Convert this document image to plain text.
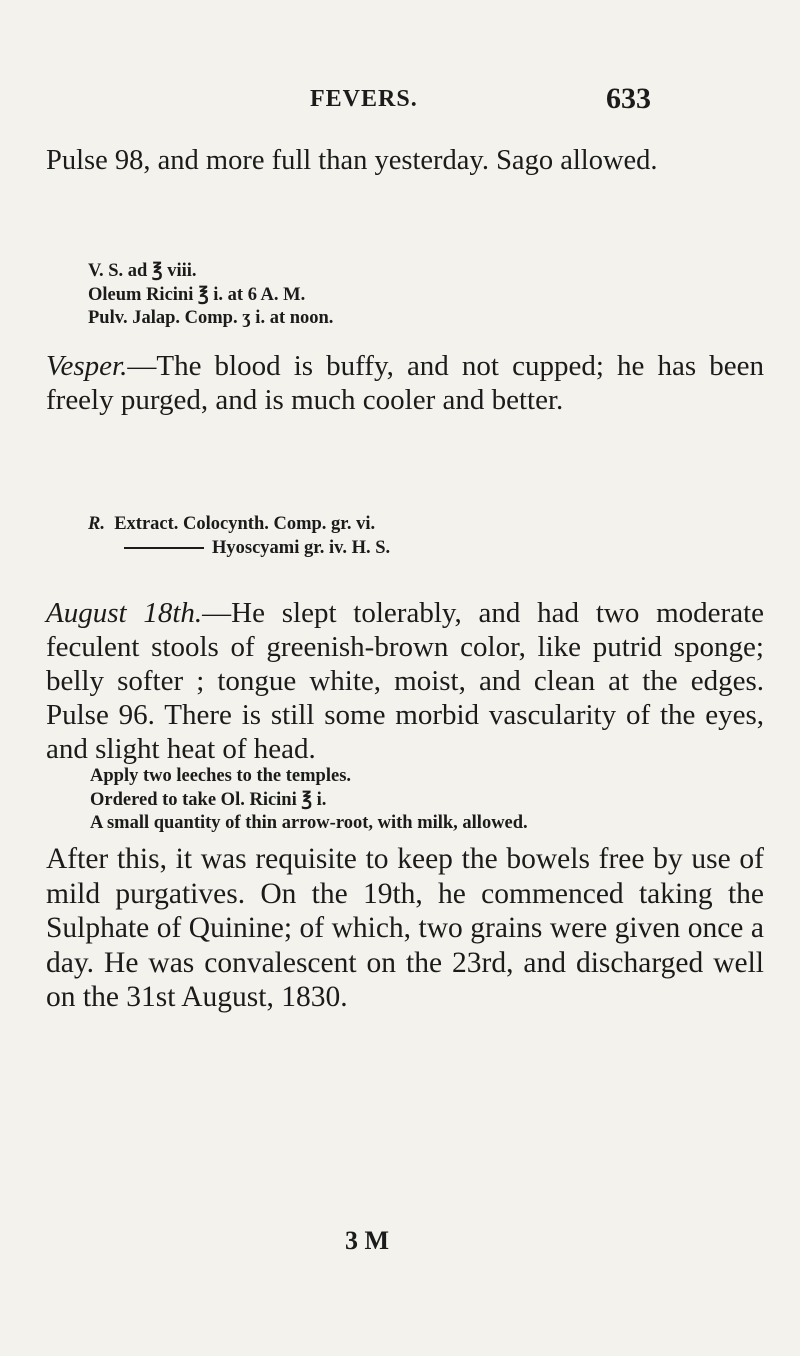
FEVERS.	633

Pulse 98, and more full than yesterday. Sago allowed.

V. S. ad ℥ viii.
Oleum Ricini ℥ i. at 6 A. M.
Pulv. Jalap. Comp. ʒ i. at noon.

Vesper.—The blood is buffy, and not cupped; he has been freely purged, and is much cooler and better.

R. Extract. Colocynth. Comp. gr. vi.
Hyoscyami gr. iv. H. S.

August 18th.—He slept tolerably, and had two moderate feculent stools of greenish-brown color, like putrid sponge; belly softer ; tongue white, moist, and clean at the edges. Pulse 96. There is still some morbid vascularity of the eyes, and slight heat of head.

Apply two leeches to the temples.
Ordered to take Ol. Ricini ℥ i.
A small quantity of thin arrow-root, with milk, allowed.

After this, it was requisite to keep the bowels free by use of mild purgatives. On the 19th, he commenced taking the Sulphate of Quinine; of which, two grains were given once a day. He was convalescent on the 23rd, and discharged well on the 31st August, 1830.

3 M
